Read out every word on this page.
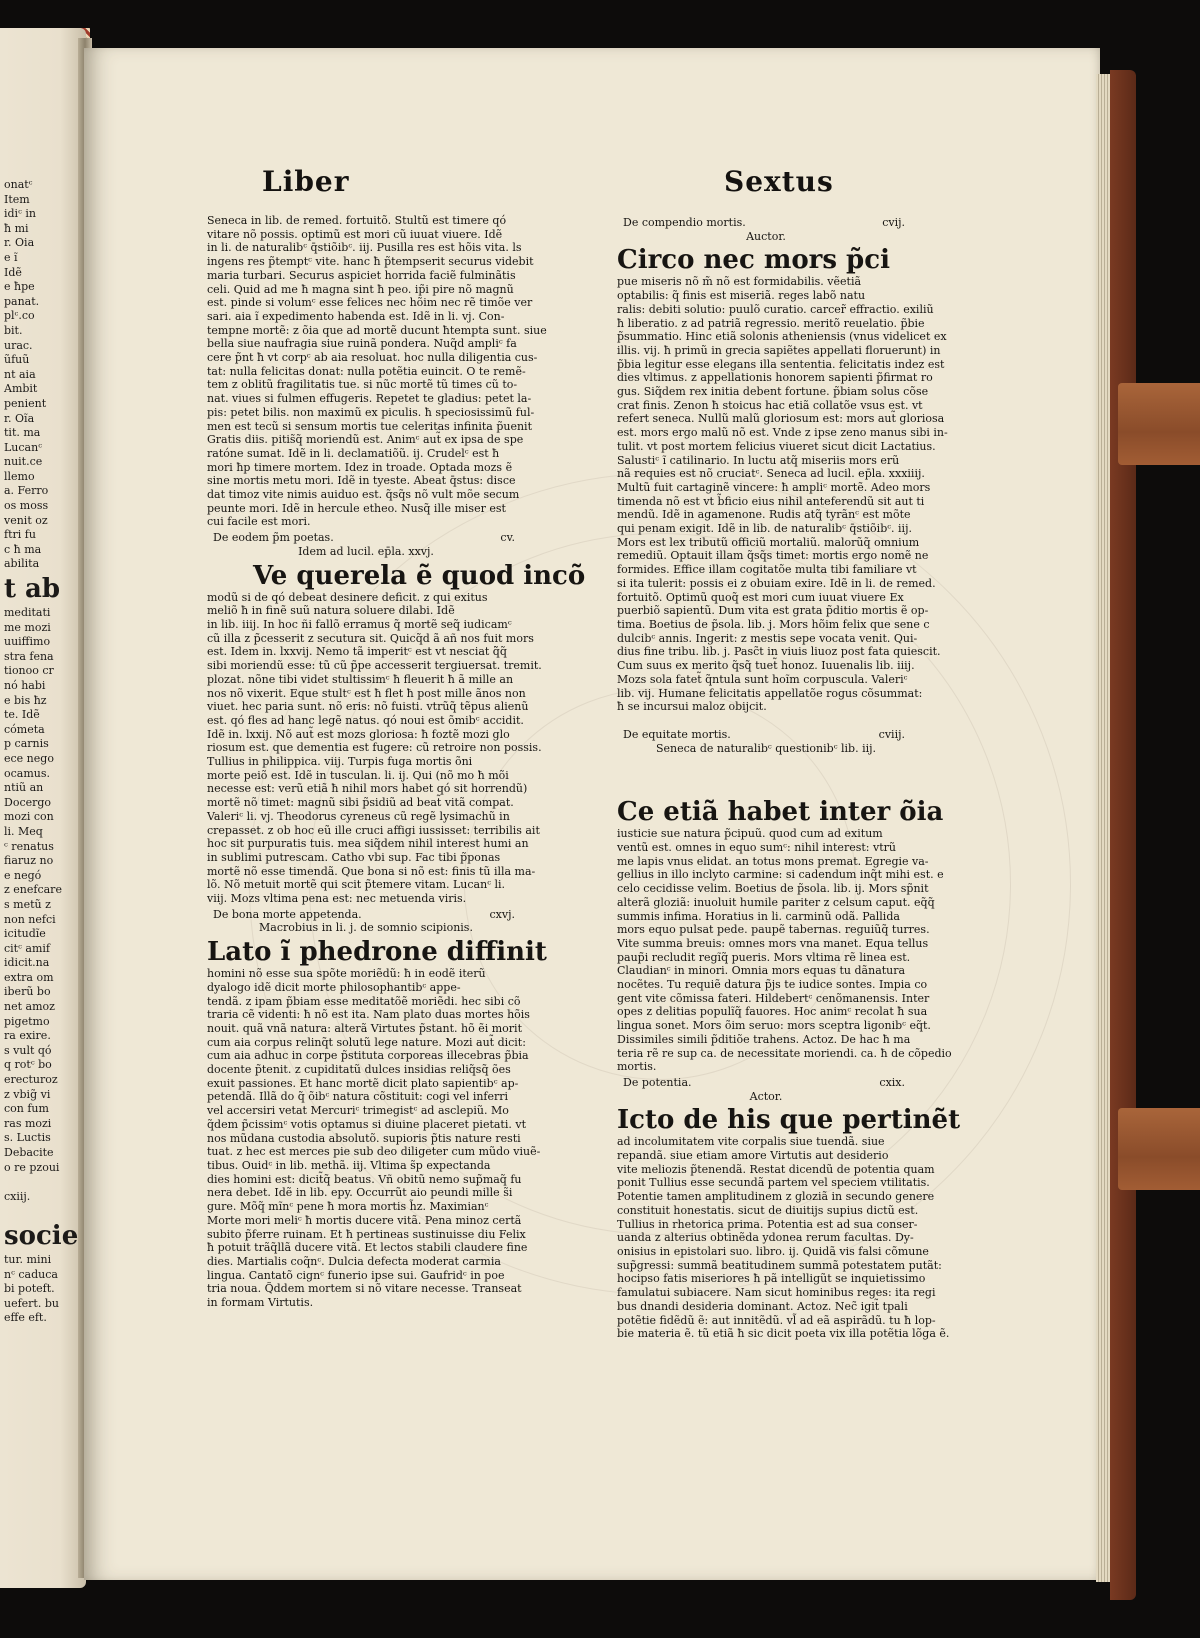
onatᶜ
Item
idiᶜ in
ħ mi
r. Oia
e ĩ
Idẽ
e ħpe
panat.
plᶜ.co
bit.
urac.
ũfuũ
nt aia
Ambit
penient
r. Oĩa
tit. ma
Lucanᶜ
nuit.ce
llemo
a. Ferro
os moss
venit oz
ftri fu
c ħ ma
abilita
t ab
meditati
me mozi
uuiffimo
stra fena
tionoo cr
nó habi
e bis ħz
te. Idẽ
cómeta
p carnis
ece nego
ocamus.
ntiũ an
Docergo
mozi con
li. Meq
ᶜ renatus
fiaruz no
e negó
z enefcare
s metũ z
non nefci
icitudĩe
citᶜ amif
idicit.na
extra om
iberũ bo
net amoz
pigetmo
ra exire.
s vult qó
q rotᶜ bo
erecturoz
z vbig̃ vi
con fum
ras mozi
s. Luctis
Debacite
o re pzoui

cxiij.

socie
tur. mini
nᶜ caduca
bi poteft.
uefert. bu
effe eft.

Liber	Sextus
Seneca in lib. de remed. fortuitõ. Stultũ est timere qó
vitare nõ possis. optimũ est mori cũ iuuat viuere. Idẽ
in li. de naturalibᶜ q̄stiõibᶜ. iij. Pusilla res est hõis vita. ls
ingens res p̃temptᶜ vite. hanc ħ p̃tempserit securus videbit
maria turbari. Securus aspiciet horrida faciẽ fulminãtis
celi. Quid ad me ħ magna sint ħ peo. ip̃i pire nõ magnũ
est. pinde si volumᶜ esse felices nec hõim nec rẽ timõe ver
sari. aia ĩ expedimento habenda est. Idẽ in li. vj. Con-
tempne mortẽ: z õia que ad mortẽ ducunt ħtempta sunt. siue
bella siue naufragia siue ruinã pondera. Nuq̃d ampliᶜ fa
cere p̃nt ħ vt corpᶜ ab aia resoluat. hoc nulla diligentia cus-
tat: nulla felicitas donat: nulla potẽtia euincit. O te remẽ-
tem z oblitũ fragilitatis tue. si nũc mortẽ tũ times cũ to-
nat. viues si fulmen effugeris. Repetet te gladius: petet la-
pis: petet bilis. non maximũ ex piculis. ħ speciosissimũ ful-
men est tecũ si sensum mortis tue celeritas infinita p̃uenit
Gratis diis. pitis̃q̃ moriendũ est. Animᶜ aut̃ ex ipsa de spe
ratóne sumat. Idẽ in li. declamatiõũ. ij. Crudelᶜ est ħ
mori ħp timere mortem. Idez in troade. Optada mozs ẽ
sine mortis metu mori. Idẽ in tyeste. Abeat q̄stus: disce
dat timoz vite nimis auiduo est. q̃sq̃s nõ vult mõe secum
peunte mori. Idẽ in hercule etheo. Nusq̃ ille miser est
cui facile est mori.
De eodem p̃m poetas.	cv.
Idem ad lucil. ep̄la. xxvj.
Ve querela ẽ quod incõ
modũ si de qó debeat desinere deficit. z qui exitus
meliõ ħ in finẽ suũ natura soluere dilabi. Idẽ
in lib. iiij. In hoc ñi fallõ erramus q̃ mortẽ seq̃ iudicamᶜ
cũ illa z p̃cesserit z secutura sit. Quicq̃d ã añ nos fuit mors
est. Idem in. lxxvij. Nemo tã imperitᶜ est vt nesciat q̃̃q̃
sibi moriendũ esse: tũ cũ p̃pe accesserit tergiuersat. tremit.
plozat. nõne tibi videt stultissimᶜ ħ fleuerit ħ ã mille an
nos nõ vixerit. Eque stultᶜ est ħ flet ħ post mille ãnos non
viuet. hec paria sunt. nõ eris: nõ fuisti. vtrũq̃ tẽpus alienũ
est. qó fles ad hanc legẽ natus. qó noui est õmibᶜ accidit.
Idẽ in. lxxij. Nõ aut̃ est mozs gloriosa: ħ foztẽ mozi glo
riosum est. que dementia est fugere: cũ retroire non possis.
Tullius in philippica. viij. Turpis fuga mortis õni
morte peiõ est. Idẽ in tusculan. li. ij. Qui (nõ mo ħ mõi
necesse est: verũ etiã ħ nihil mors habet qó sit horrendũ)
mortẽ nõ timet: magnũ sibi p̃sidiũ ad beat̃ vitã compat.
Valeriᶜ li. vj. Theodorus cyreneus cũ regẽ lysimachũ in
crepasset. z ob hoc eũ ille cruci affigi iussisset: terribilis ait
hoc sit purpuratis tuis. mea siq̃dem nihil interest humi an
in sublimi putrescam. Catho vbi sup. Fac tibi p̃ponas
mortẽ nõ esse timendã. Que bona si nõ est: finis tũ illa ma-
lõ. Nõ metuit mortẽ qui scit p̃temere vitam. Lucanᶜ li.
viij. Mozs vltima pena est: nec metuenda viris.
De bona morte appetenda.	cxvj.
Macrobius in li. j. de somnio scipionis.
Lato ĩ phedrone diffinit
homini nõ esse sua spõte moriẽdũ: ħ in eodẽ iterũ
dyalogo idẽ dicit morte philosophantibᶜ appe-
tendã. z ipam p̃biam esse meditatõẽ moriẽdi. hec sibi cõ
traria cẽ videnti: ħ nõ est ita. Nam plato duas mortes hõis
nouit. quã vnã natura: alterã Virtutes p̃stant. hõ ẽi morit
cum aia corpus relinq̃t solutũ lege nature. Mozi aut̃ dicit:
cum aia adhuc in corpe p̃stituta corporeas illecebras p̃bia
docente p̃tenit. z cupiditatũ dulces insidias reliq̃sq̃ ões
exuit passiones. Et hanc mortẽ dicit plato sapientibᶜ ap-
petendã. Illã do q̃ õibᶜ natura cõstituit: cogi vel inferri
vel accersiri vetat Mercuriᶜ trimegistᶜ ad asclepiũ. Mo
q̃dem p̃cissimᶜ votis optamus si diuine placeret pietati. vt
nos mũdana custodia absolutõ. supioris p̃tis nature resti
tuat. z hec est merces pie sub deo diligeter cum mũdo viuẽ-
tibus. Ouidᶜ in lib. methã. iij. Vltima s̃p expectanda
dies homini est: dicit̃q̃ beatus. Vñ obitũ nemo sup̃maq̃ fu
nera debet. Idẽ in lib. epy. Occurrũt aio peundi mille s̃i
gure. Mõq̃ mĩnᶜ pene ħ mora mortis h̃z. Maximianᶜ
Morte mori meliᶜ ħ mortis ducere vitã. Pena minoz certã
subito p̃ferre ruinam. Et ħ pertineas sustinuisse diu Felix
ħ potuit trãq̃llã ducere vitã. Et lectos stabili claudere fine
dies. Martialis coq̃nᶜ. Dulcia defecta moderat carmia
lingua. Cantatõ cignᶜ funerio ipse sui. Gaufridᶜ in poe
tria noua. Q̃ddem mortem si nõ vitare necesse. Transeat
in formam Virtutis.
De compendio mortis.	cvij.
Auctor.
Circo nec mors p̃ci
pue miseris nõ m̃ nõ est formidabilis. vẽetiã
optabilis: q̃ finis est miseriã. reges labõ natu
ralis: debiti solutio: puulõ curatio. carcer̃ effractio. exiliũ
ħ liberatio. z ad patriã regressio. meritõ reuelatio. p̃bie
p̃summatio. Hinc etiã solonis atheniensis (vnus videlicet ex
illis. vij. ħ primũ in grecia sapiẽtes appellati floruerunt) in
p̃bia legitur esse elegans illa sententia. felicitatis indez est
dies vltimus. z appellationis honorem sapienti p̃firmat ro
gus. Siq̃dem rex initia debent fortune. p̃biam solus cõse
crat finis. Zenon ħ stoicus hac etiã collatõe vsus est. vt
refert seneca. Nullũ malũ gloriosum est: mors aut̃ gloriosa
est. mors ergo malũ nõ est. Vnde z ipse zeno manus sibi in-
tulit. vt post mortem felicius viueret sicut dicit Lactatius.
Salustiᶜ ĩ catilinario. In luctu atq̃ miseriis mors erũ
nã requies est nõ cruciatᶜ. Seneca ad lucil. ep̄la. xxxiiij.
Multũ fuit cartaginẽ vincere: ħ ampliᶜ mortẽ. Adeo mors
timenda nõ est vt b̃ficio eius nihil anteferendũ sit aut ti
mendũ. Idẽ in agamenone. Rudis atq̃ tyrãnᶜ est mõte
qui penam exigit. Idẽ in lib. de naturalibᶜ q̄stiõibᶜ. iij.
Mors est lex tributũ officiũ mortaliũ. malorũq̃ omnium
remediũ. Optauit illam q̃sq̃s timet: mortis ergo nomẽ ne
formides. Effice illam cogitatõe multa tibi familiare vt
si ita tulerit: possis ei z obuiam exire. Idẽ in li. de remed.
fortuitõ. Optimũ quoq̃ est mori cum iuuat viuere Ex
puerbiõ sapientũ. Dum vita est grata p̃ditio mortis ẽ op-
tima. Boetius de p̃sola. lib. j. Mors hõim felix que sene c
dulcibᶜ annis. Ingerit: z mestis sepe vocata venit. Qui-
dius fine tribu. lib. j. Pasc̃t in viuis liuoz post fata quiescit.
Cum suus ex merito q̃sq̃ tuet̃ honoz. Iuuenalis lib. iiij.
Mozs sola fatet̃ q̃ntula sunt hoĩm corpuscula. Valeriᶜ
lib. vij. Humane felicitatis appellatõe rogus cõsummat:
ħ se incursui maloz obijcit.
De equitate mortis.	cviij.
Seneca de naturalibᶜ questionibᶜ lib. iij.
Ce etiã habet inter õia
iusticie sue natura p̃cipuũ. quod cum ad exitum
ventũ est. omnes in equo sumᶜ: nihil interest: vtrũ
me lapis vnus elidat. an totus mons premat. Egregie va-
gellius in illo inclyto carmine: si cadendum inq̃t mihi est. e
celo cecidisse velim. Boetius de p̃sola. lib. ij. Mors sp̃nit
alterã gloziã: inuoluit humile pariter z celsum caput. eq̃q̃
summis infima. Horatius in li. carminũ odã. Pallida
mors equo pulsat pede. paupẽ tabernas. reguiũq̃ turres.
Vite summa breuis: omnes mors vna manet. Equa tellus
paup̃i recludit regĩq̃ pueris. Mors vltima rẽ linea est.
Claudianᶜ in minori. Omnia mors equas tu dãnatura
nocẽtes. Tu requiẽ datura p̃js te iudice sontes. Impia co
gent vite cõmissa fateri. Hildebertᶜ cenõmanensis. Inter
opes z delitias populĩq̃ fauores. Hoc animᶜ recolat ħ sua
lingua sonet. Mors õim seruo: mors sceptra ligonibᶜ eq̃t.
Dissimiles simili p̃ditiõe trahens. Actoz. De hac ħ ma
teria rẽ re sup ca. de necessitate moriendi. ca. ħ de cõpedio
mortis.
De potentia.	cxix.
Actor.
Icto de his que pertinẽt
ad incolumitatem vite corpalis siue tuendã. siue
repandã. siue etiam amore Virtutis aut desiderio
vite meliozis p̃tenendã. Restat dicendũ de potentia quam
ponit Tullius esse secundã partem vel speciem vtilitatis.
Potentie tamen amplitudinem z gloziã in secundo genere
constituit honestatis. sicut de diuitijs supius dictũ est.
Tullius in rhetorica prima. Potentia est ad sua conser-
uanda z alterius obtinẽda ydonea rerum facultas. Dy-
onisius in epistolari suo. libro. ij. Quidã vis falsi cõmune
sup̃gressi: summã beatitudinem summã potestatem putãt:
hocipso fatis miseriores ħ pã intelligũt se inquietissimo
famulatui subiacere. Nam sicut hominibus reges: ita regi
bus dnandi desideria dominant. Actoz. Nec̃ igit̃ tpali
potẽtie fidẽdũ ẽ: aut innitẽdũ. vl̃ ad eã aspirãdũ. tu ħ lop-
bie materia ẽ. tũ etiã ħ sic dicit poeta vix illa potẽtia lõga ẽ.
